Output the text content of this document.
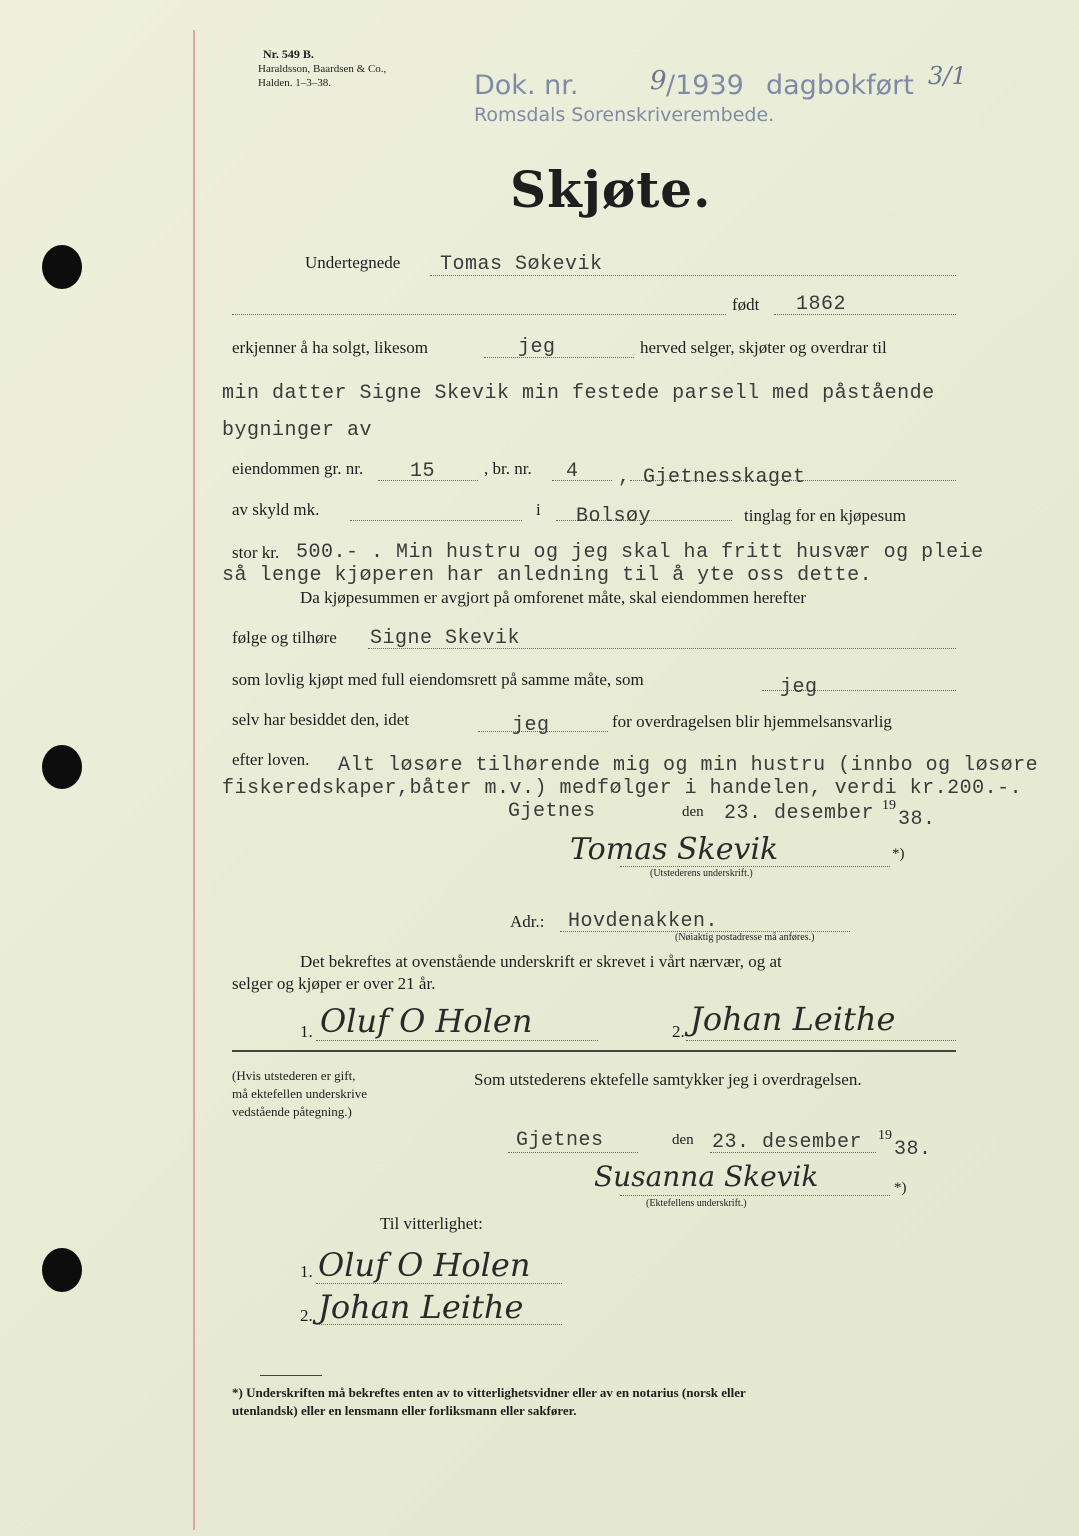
Nr. 549 B.
Haraldsson, Baardsen & Co.,
Halden. 1–3–38.	Dok. nr.	9 /1939 dagbokført 3/1
Romsdals Sorenskriverembede.
Skjøte.
Undertegnede Tomas Søkevik
født 1862
erkjenner å ha solgt, likesom	jeg	herved selger, skjøter og overdrar til
min datter Signe Skevik min festede parsell med påstående
bygninger av
eiendommen gr. nr. 15	, br. nr. 4 , Gjetnesskaget
av skyld mk.	i Bolsøy	tinglag for en kjøpesum
stor kr. 500.- . Min hustru og jeg skal ha fritt husvær og pleie
så lenge kjøperen har anledning til å yte oss dette.
Da kjøpesummen er avgjort på omforenet måte, skal eiendommen herefter
følge og tilhøre Signe Skevik
som lovlig kjøpt med full eiendomsrett på samme måte, som	jeg
selv har besiddet den, idet	jeg	for overdragelsen blir hjemmelsansvarlig
efter loven. Alt løsøre tilhørende mig og min hustru (innbo og løsøre
fiskeredskaper,båter m.v.) medfølger i handelen, verdi kr.200.-.
Gjetnes	den 23. desember 19
38.
Tomas Skevik	*)
(Utstederens underskrift.)
Adr.: Hovdenakken.
(Nøiaktig postadresse må anføres.)
Det bekreftes at ovenstående underskrift er skrevet i vårt nærvær, og at
selger og kjøper er over 21 år.
1. Oluf O Holen	2. Johan Leithe
(Hvis utstederen er gift,
må ektefellen underskrive
vedstående påtegning.)
Som utstederens ektefelle samtykker jeg i overdragelsen.
Gjetnes	den 23. desember 19
38.
Susanna Skevik	*)
(Ektefellens underskrift.)
Til vitterlighet:
1. Oluf O Holen
2. Johan Leithe
*) Underskriften må bekreftes enten av to vitterlighetsvidner eller av en notarius (norsk eller
utenlandsk) eller en lensmann eller forliksmann eller sakfører.
